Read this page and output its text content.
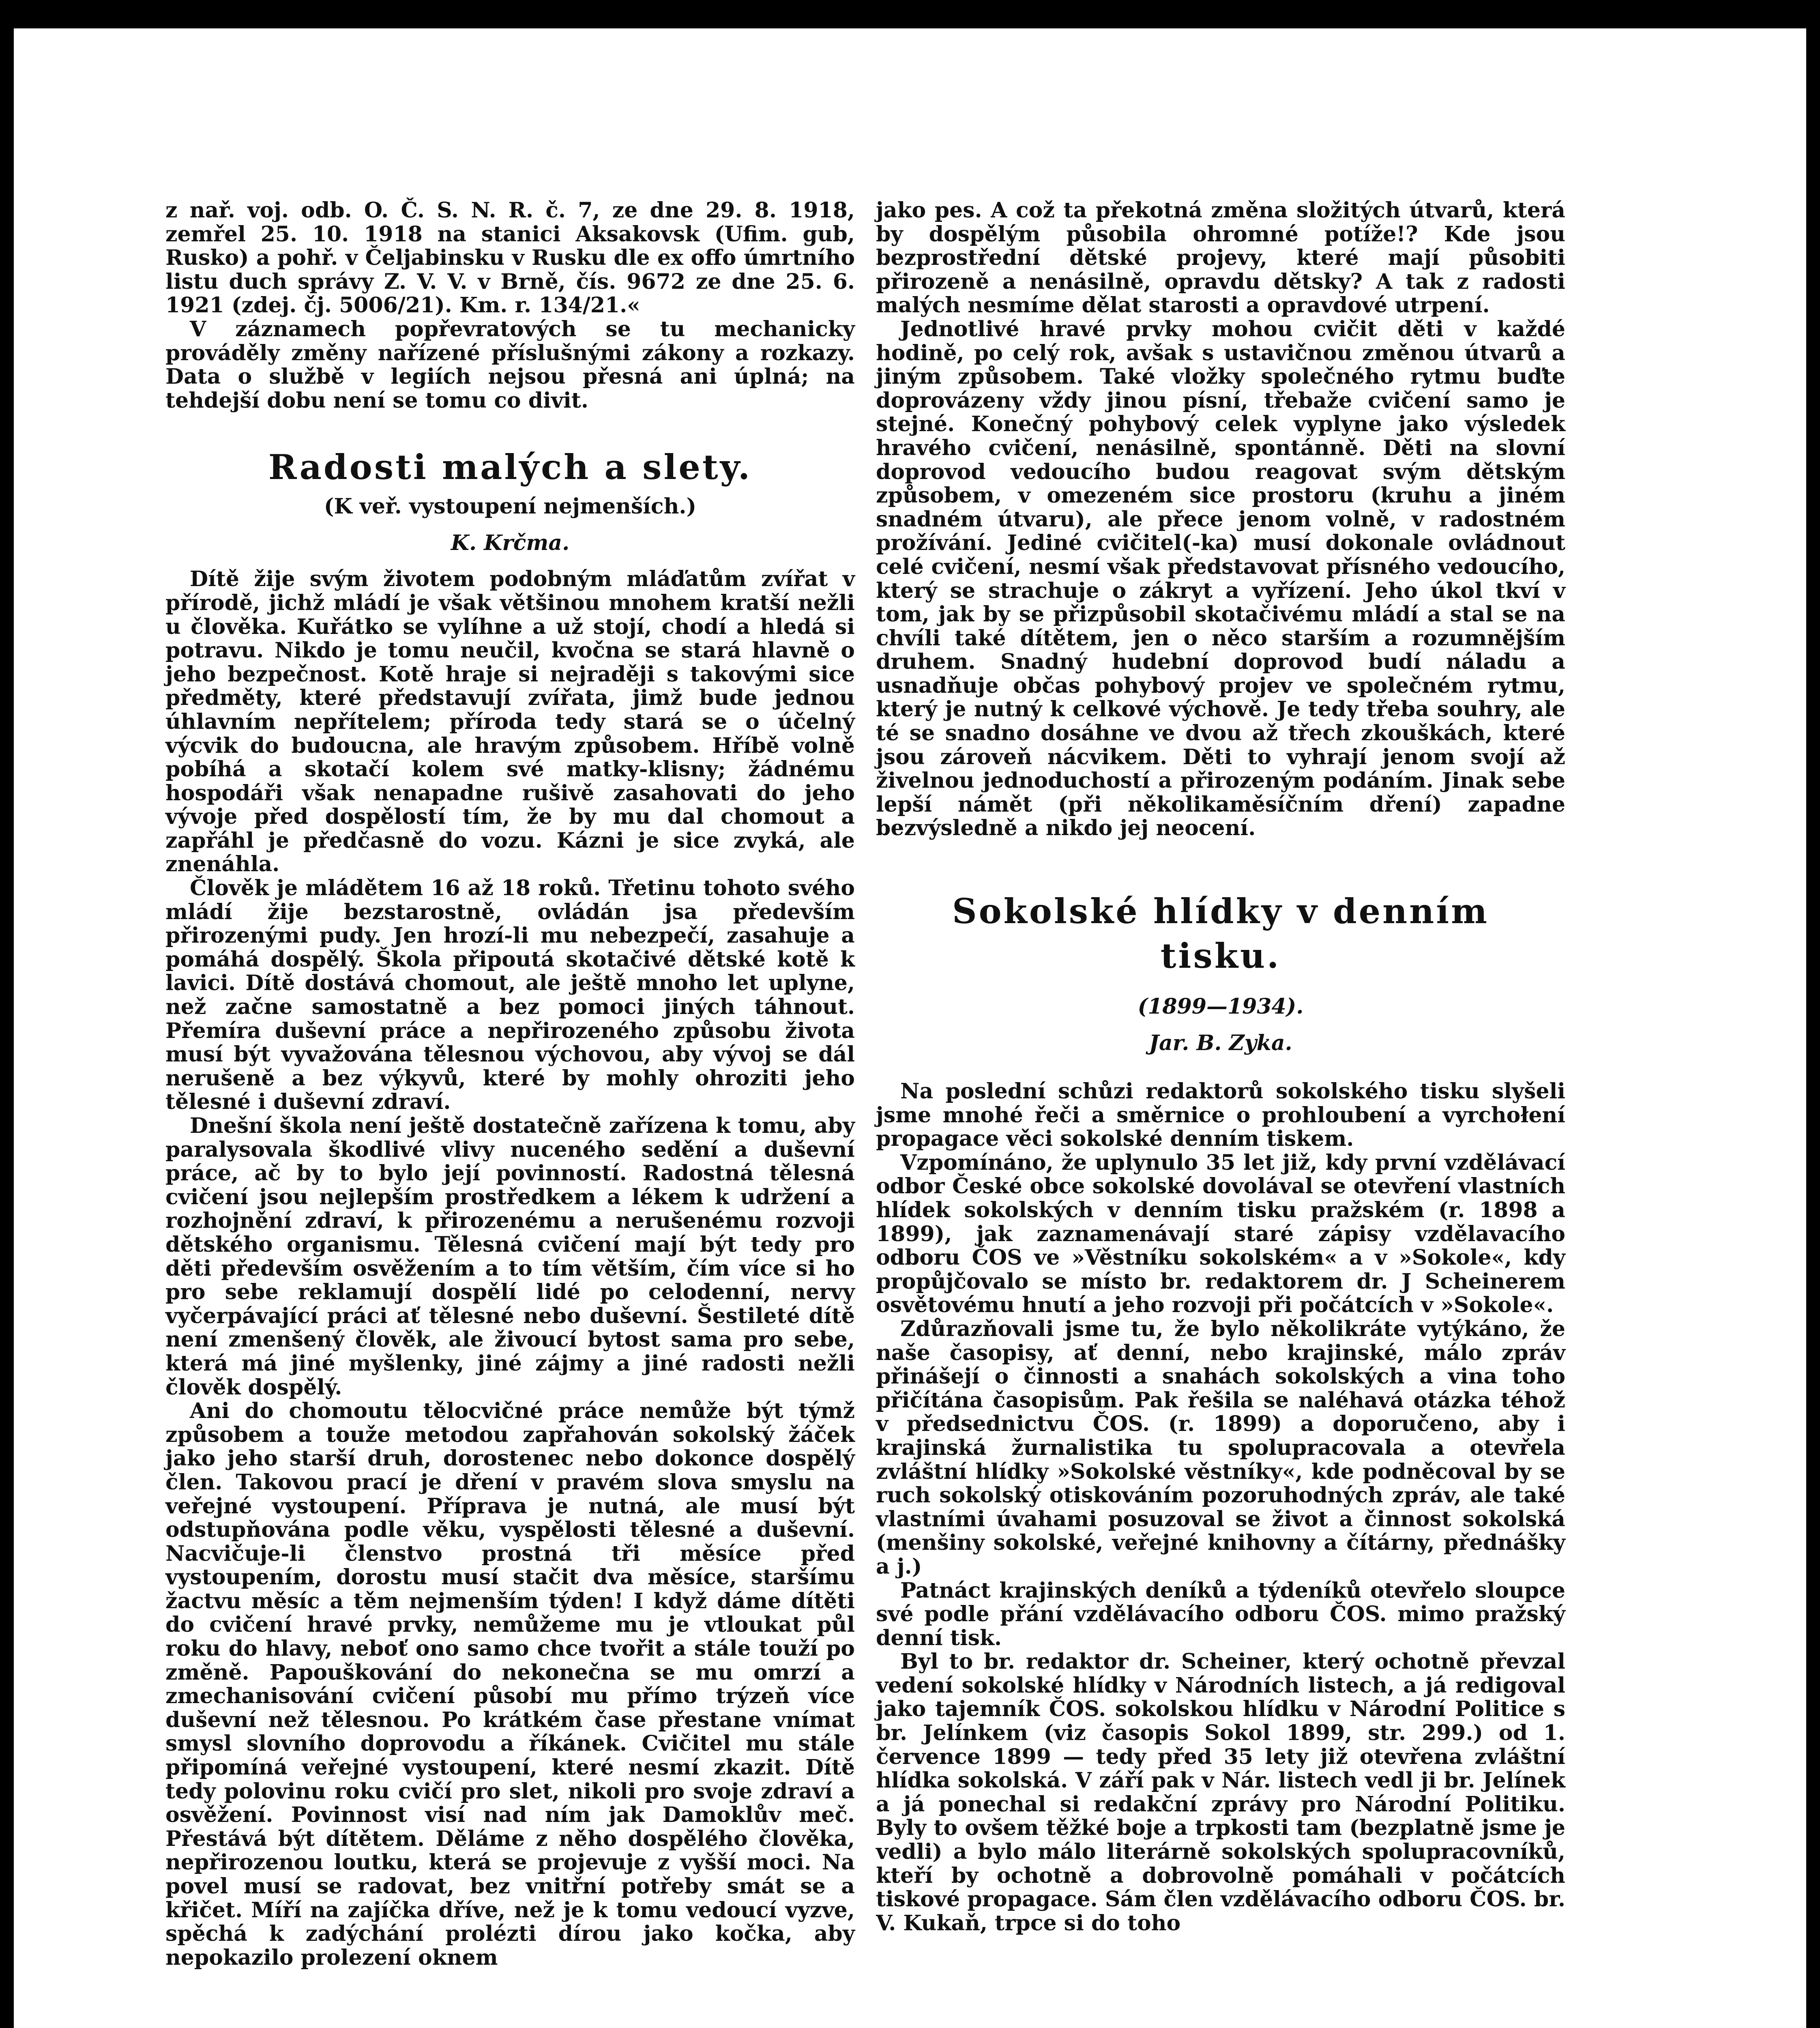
z nař. voj. odb. O. Č. S. N. R. č. 7, ze dne 29. 8. 1918, zemřel 25. 10. 1918 na stanici Aksakovsk (Ufim. gub, Rusko) a pohř. v Čeljabinsku v Rusku dle ex offo úmrtního listu duch správy Z. V. V. v Brně, čís. 9672 ze dne 25. 6. 1921 (zdej. čj. 5006/21). Km. r. 134/21.«

V záznamech popřevratových se tu mechanicky prováděly změny nařízené příslušnými zákony a rozkazy. Data o službě v legiích nejsou přesná ani úplná; na tehdejší dobu není se tomu co divit.

Radosti malých a slety.
(K veř. vystoupení nejmenších.)
K. Krčma.

Dítě žije svým životem podobným mláďatům zvířat v přírodě, jichž mládí je však většinou mnohem kratší nežli u člověka. Kuřátko se vylíhne a už stojí, chodí a hledá si potravu. Nikdo je tomu neučil, kvočna se stará hlavně o jeho bezpečnost. Kotě hraje si nejraději s takovými sice předměty, které představují zvířata, jimž bude jednou úhlavním nepřítelem; příroda tedy stará se o účelný výcvik do budoucna, ale hravým způsobem. Hříbě volně pobíhá a skotačí kolem své matky-klisny; žádnému hospodáři však nenapadne rušivě zasahovati do jeho vývoje před dospělostí tím, že by mu dal chomout a zapřáhl je předčasně do vozu. Kázni je sice zvyká, ale znenáhla.

Člověk je mládětem 16 až 18 roků. Třetinu tohoto svého mládí žije bezstarostně, ovládán jsa především přirozenými pudy. Jen hrozí-li mu nebezpečí, zasahuje a pomáhá dospělý. Škola připoutá skotačivé dětské kotě k lavici. Dítě dostává chomout, ale ještě mnoho let uplyne, než začne samostatně a bez pomoci jiných táhnout. Přemíra duševní práce a nepřirozeného způsobu života musí být vyvažována tělesnou výchovou, aby vývoj se dál nerušeně a bez výkyvů, které by mohly ohroziti jeho tělesné i duševní zdraví.

Dnešní škola není ještě dostatečně zařízena k tomu, aby paralysovala škodlivé vlivy nuceného sedění a duševní práce, ač by to bylo její povinností. Radostná tělesná cvičení jsou nejlepším prostředkem a lékem k udržení a rozhojnění zdraví, k přirozenému a nerušenému rozvoji dětského organismu. Tělesná cvičení mají být tedy pro děti především osvěžením a to tím větším, čím více si ho pro sebe reklamují dospělí lidé po celodenní, nervy vyčerpávající práci ať tělesné nebo duševní. Šestileté dítě není zmenšený člověk, ale živoucí bytost sama pro sebe, která má jiné myšlenky, jiné zájmy a jiné radosti nežli člověk dospělý.

Ani do chomoutu tělocvičné práce nemůže být týmž způsobem a touže metodou zapřahován sokolský žáček jako jeho starší druh, dorostenec nebo dokonce dospělý člen. Takovou prací je dření v pravém slova smyslu na veřejné vystoupení. Příprava je nutná, ale musí být odstupňována podle věku, vyspělosti tělesné a duševní. Nacvičuje-li členstvo prostná tři měsíce před vystoupením, dorostu musí stačit dva měsíce, staršímu žactvu měsíc a těm nejmenším týden! I když dáme dítěti do cvičení hravé prvky, nemůžeme mu je vtloukat půl roku do hlavy, neboť ono samo chce tvořit a stále touží po změně. Papouškování do nekonečna se mu omrzí a zmechanisování cvičení působí mu přímo trýzeň více duševní než tělesnou. Po krátkém čase přestane vnímat smysl slovního doprovodu a říkánek. Cvičitel mu stále připomíná veřejné vystoupení, které nesmí zkazit. Dítě tedy polovinu roku cvičí pro slet, nikoli pro svoje zdraví a osvěžení. Povinnost visí nad ním jak Damoklův meč. Přestává být dítětem. Děláme z něho dospělého člověka, nepřirozenou loutku, která se projevuje z vyšší moci. Na povel musí se radovat, bez vnitřní potřeby smát se a křičet. Míří na zajíčka dříve, než je k tomu vedoucí vyzve, spěchá k zadýchání prolézti dírou jako kočka, aby nepokazilo prolezení oknem

jako pes. A což ta překotná změna složitých útvarů, která by dospělým působila ohromné potíže!? Kde jsou bezprostřední dětské projevy, které mají působiti přirozeně a nenásilně, opravdu dětsky? A tak z radosti malých nesmíme dělat starosti a opravdové utrpení.

Jednotlivé hravé prvky mohou cvičit děti v každé hodině, po celý rok, avšak s ustavičnou změnou útvarů a jiným způsobem. Také vložky společného rytmu buďte doprovázeny vždy jinou písní, třebaže cvičení samo je stejné. Konečný pohybový celek vyplyne jako výsledek hravého cvičení, nenásilně, spontánně. Děti na slovní doprovod vedoucího budou reagovat svým dětským způsobem, v omezeném sice prostoru (kruhu a jiném snadném útvaru), ale přece jenom volně, v radostném prožívání. Jediné cvičitel(-ka) musí dokonale ovládnout celé cvičení, nesmí však představovat přísného vedoucího, který se strachuje o zákryt a vyřízení. Jeho úkol tkví v tom, jak by se přizpůsobil skotačivému mládí a stal se na chvíli také dítětem, jen o něco starším a rozumnějším druhem. Snadný hudební doprovod budí náladu a usnadňuje občas pohybový projev ve společném rytmu, který je nutný k celkové výchově. Je tedy třeba souhry, ale té se snadno dosáhne ve dvou až třech zkouškách, které jsou zároveň nácvikem. Děti to vyhrají jenom svojí až živelnou jednoduchostí a přirozeným podáním. Jinak sebe lepší námět (při několikaměsíčním dření) zapadne bezvýsledně a nikdo jej neocení.

Sokolské hlídky v denním
tisku.
(1899—1934).
Jar. B. Zyka.

Na poslední schůzi redaktorů sokolského tisku slyšeli jsme mnohé řeči a směrnice o prohloubení a vyrchołení propagace věci sokolské denním tiskem.

Vzpomínáno, že uplynulo 35 let již, kdy první vzdělávací odbor České obce sokolské dovolával se otevření vlastních hlídek sokolských v denním tisku pražském (r. 1898 a 1899), jak zaznamenávají staré zápisy vzdělavacího odboru ČOS ve »Věstníku sokolském« a v »Sokole«, kdy propůjčovalo se místo br. redaktorem dr. J Scheinerem osvětovému hnutí a jeho rozvoji při počátcích v »Sokole«.

Zdůrazňovali jsme tu, že bylo několikráte vytýkáno, že naše časopisy, ať denní, nebo krajinské, málo zpráv přinášejí o činnosti a snahách sokolských a vina toho přičítána časopisům. Pak řešila se naléhavá otázka téhož v předsednictvu ČOS. (r. 1899) a doporučeno, aby i krajinská žurnalistika tu spolupracovala a otevřela zvláštní hlídky »Sokolské věstníky«, kde podněcoval by se ruch sokolský otiskováním pozoruhodných zpráv, ale také vlastními úvahami posuzoval se život a činnost sokolská (menšiny sokolské, veřejné knihovny a čítárny, přednášky a j.)

Patnáct krajinských deníků a týdeníků otevřelo sloupce své podle přání vzdělávacího odboru ČOS. mimo pražský denní tisk.

Byl to br. redaktor dr. Scheiner, který ochotně převzal vedení sokolské hlídky v Národních listech, a já redigoval jako tajemník ČOS. sokolskou hlídku v Národní Politice s br. Jelínkem (viz časopis Sokol 1899, str. 299.) od 1. července 1899 — tedy před 35 lety již otevřena zvláštní hlídka sokolská. V září pak v Nár. listech vedl ji br. Jelínek a já ponechal si redakční zprávy pro Národní Politiku. Byly to ovšem těžké boje a trpkosti tam (bezplatně jsme je vedli) a bylo málo literárně sokolských spolupracovníků, kteří by ochotně a dobrovolně pomáhali v počátcích tiskové propagace. Sám člen vzdělávacího odboru ČOS. br. V. Kukaň, trpce si do toho
